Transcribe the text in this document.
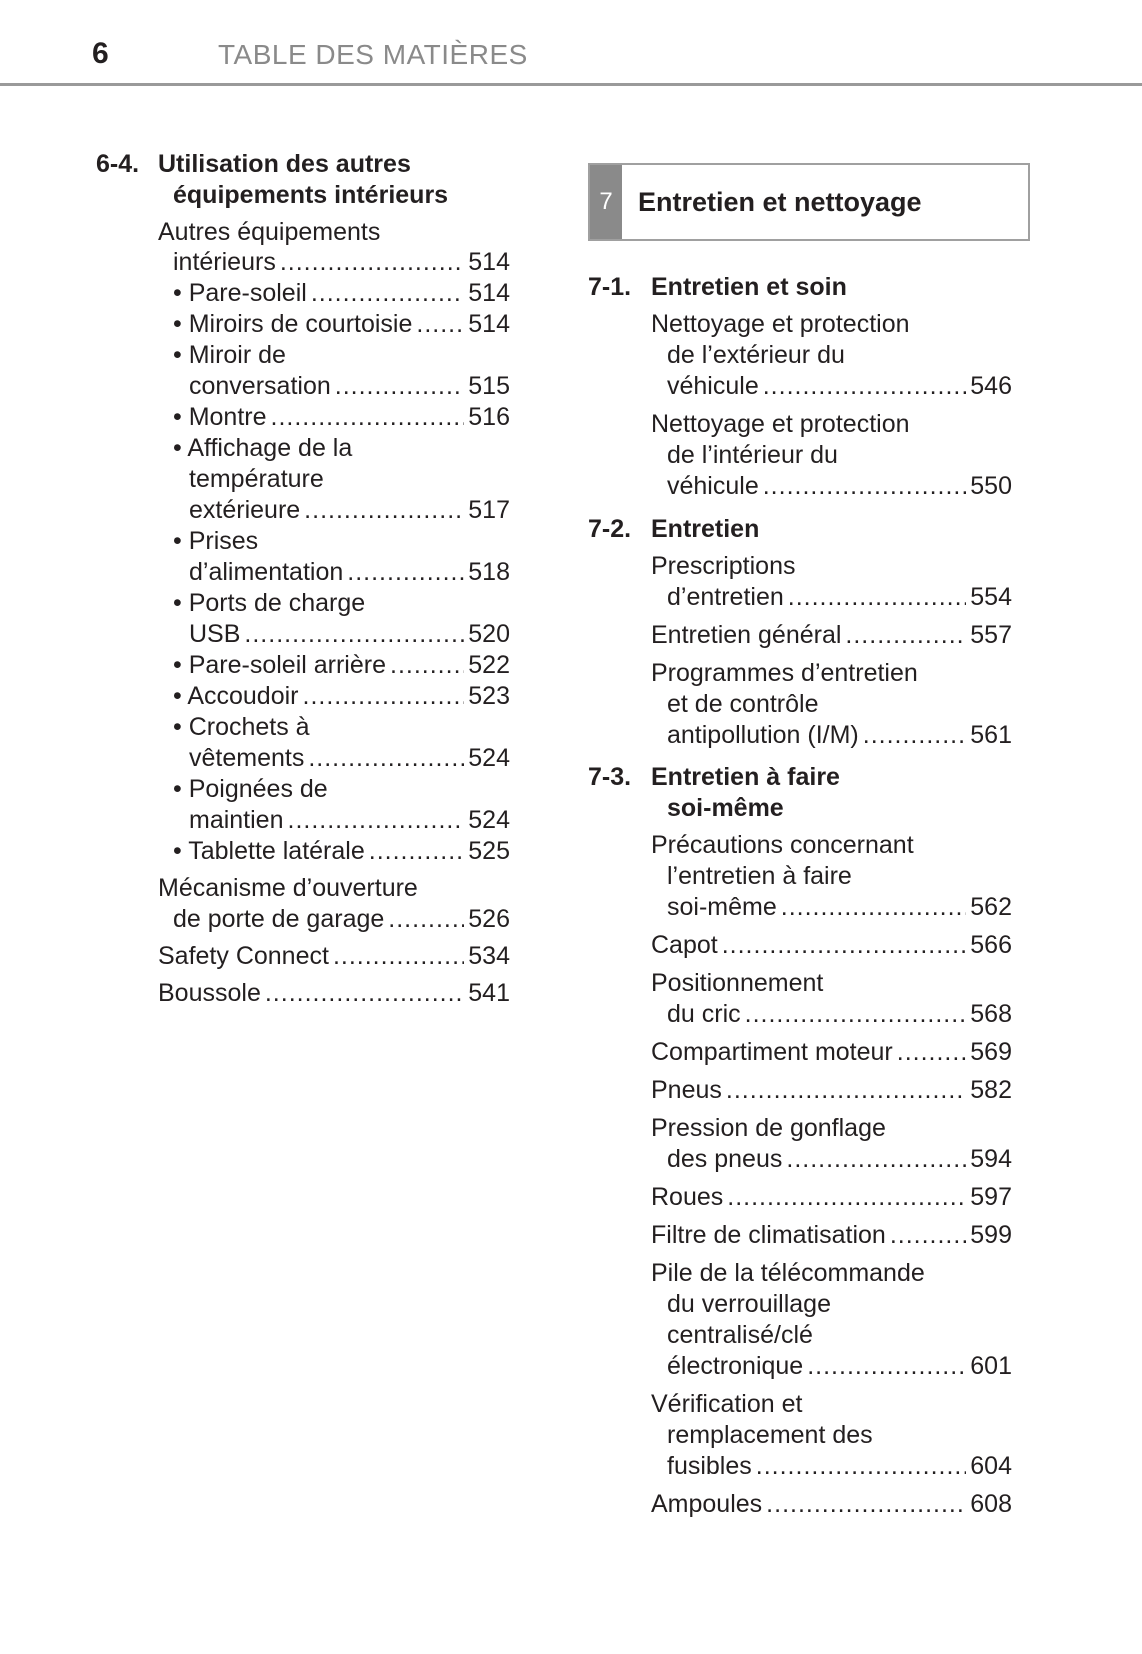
6	TABLE DES MATIÈRES
6-4. Utilisation des autres
équipements intérieurs
Autres équipements
intérieurs .....	514
• Pare-soleil .....	514
• Miroirs de courtoisie ..... 514
• Miroir de
conversation .....	515
• Montre .....	516
• Affichage de la
température
extérieure .....	517
• Prises
d’alimentation .....	518
• Ports de charge
USB .....	520
• Pare-soleil arrière .....	522
• Accoudoir .....	523
• Crochets à
vêtements .....	524
• Poignées de
maintien .....	524
• Tablette latérale .....	525
Mécanisme d’ouverture
de porte de garage .....	526
Safety Connect .....	534
Boussole .....	541
7 Entretien et nettoyage
7-1. Entretien et soin
Nettoyage et protection
de l’extérieur du
véhicule .....	546
Nettoyage et protection
de l’intérieur du
véhicule .....	550
7-2. Entretien
Prescriptions
d’entretien .....	554
Entretien général .....	557
Programmes d’entretien
et de contrôle
antipollution (I/M) .....	561
7-3. Entretien à faire
soi-même
Précautions concernant
l’entretien à faire
soi-même .....	562
Capot .....	566
Positionnement
du cric .....	568
Compartiment moteur .....	569
Pneus .....	582
Pression de gonflage
des pneus .....	594
Roues .....	597
Filtre de climatisation .....	599
Pile de la télécommande
du verrouillage
centralisé/clé
électronique .....	601
Vérification et
remplacement des
fusibles .....	604
Ampoules .....	608
